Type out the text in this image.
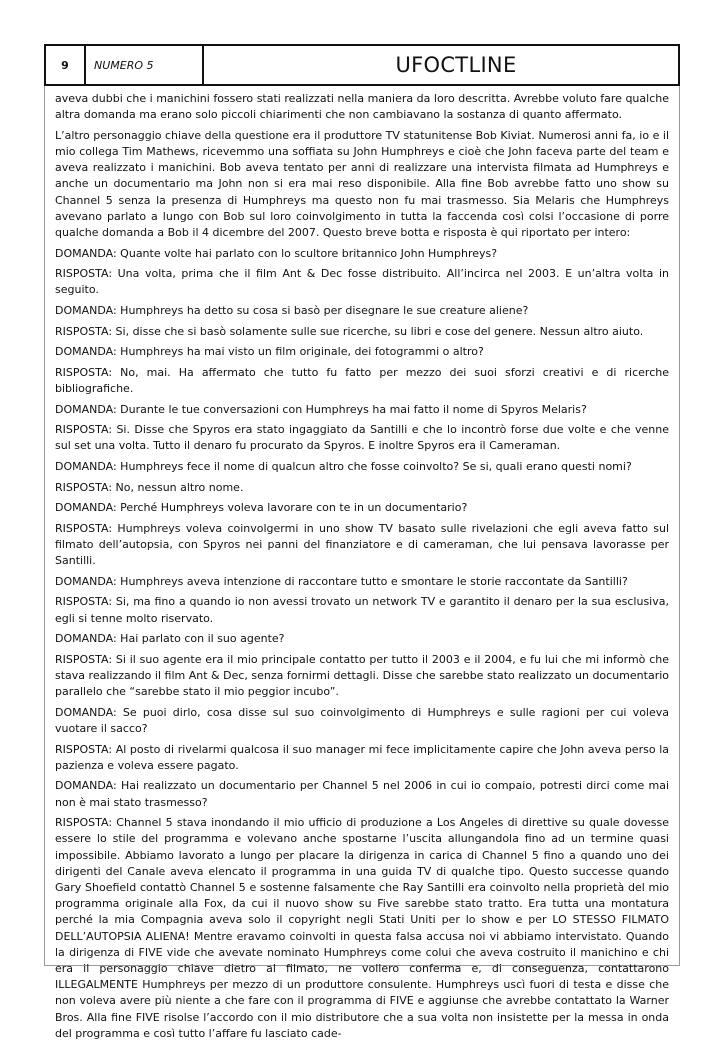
9	NUMERO 5	UFOCTLINE

aveva dubbi che i manichini fossero stati realizzati nella maniera da loro descritta. Avrebbe voluto fare qualche altra domanda ma erano solo piccoli chiarimenti che non cambiavano la sostanza di quanto affermato.

L’altro personaggio chiave della questione era il produttore TV statunitense Bob Kiviat. Numerosi anni fa, io e il mio collega Tim Mathews, ricevemmo una soffiata su John Humphreys e cioè che John faceva parte del team e aveva realizzato i manichini. Bob aveva tentato per anni di realizzare una intervista filmata ad Humphreys e anche un documentario ma John non si era mai reso disponibile. Alla fine Bob avrebbe fatto uno show su Channel 5 senza la presenza di Humphreys ma questo non fu mai trasmesso. Sia Melaris che Humphreys avevano parlato a lungo con Bob sul loro coinvolgimento in tutta la faccenda così colsi l’occasione di porre qualche domanda a Bob il 4 dicembre del 2007. Questo breve botta e risposta è qui riportato per intero:

DOMANDA: Quante volte hai parlato con lo scultore britannico John Humphreys?

RISPOSTA: Una volta, prima che il film Ant & Dec fosse distribuito. All’incirca nel 2003. E un’altra volta in seguito.

DOMANDA: Humphreys ha detto su cosa si basò per disegnare le sue creature aliene?

RISPOSTA: Si, disse che si basò solamente sulle sue ricerche, su libri e cose del genere. Nessun altro aiuto.

DOMANDA: Humphreys ha mai visto un film originale, dei fotogrammi o altro?

RISPOSTA: No, mai. Ha affermato che tutto fu fatto per mezzo dei suoi sforzi creativi e di ricerche bibliografiche.

DOMANDA: Durante le tue conversazioni con Humphreys ha mai fatto il nome di Spyros Melaris?

RISPOSTA: Si. Disse che Spyros era stato ingaggiato da Santilli e che lo incontrò forse due volte e che venne sul set una volta. Tutto il denaro fu procurato da Spyros. E inoltre Spyros era il Cameraman.

DOMANDA: Humphreys fece il nome di qualcun altro che fosse coinvolto? Se si, quali erano questi nomi?

RISPOSTA: No, nessun altro nome.

DOMANDA: Perché Humphreys voleva lavorare con te in un documentario?

RISPOSTA: Humphreys voleva coinvolgermi in uno show TV basato sulle rivelazioni che egli aveva fatto sul filmato dell’autopsia, con Spyros nei panni del finanziatore e di cameraman, che lui pensava lavorasse per Santilli.

DOMANDA: Humphreys aveva intenzione di raccontare tutto e smontare le storie raccontate da Santilli?

RISPOSTA: Si, ma fino a quando io non avessi trovato un network TV e garantito il denaro per la sua esclusiva, egli si tenne molto riservato.

DOMANDA: Hai parlato con il suo agente?

RISPOSTA: Si il suo agente era il mio principale contatto per tutto il 2003 e il 2004, e fu lui che mi informò che stava realizzando il film Ant & Dec, senza fornirmi dettagli. Disse che sarebbe stato realizzato un documentario parallelo che “sarebbe stato il mio peggior incubo”.

DOMANDA: Se puoi dirlo, cosa disse sul suo coinvolgimento di Humphreys e sulle ragioni per cui voleva vuotare il sacco?

RISPOSTA: Al posto di rivelarmi qualcosa il suo manager mi fece implicitamente capire che John aveva perso la pazienza e voleva essere pagato.

DOMANDA: Hai realizzato un documentario per Channel 5 nel 2006 in cui io compaio, potresti dirci come mai non è mai stato trasmesso?

RISPOSTA: Channel 5 stava inondando il mio ufficio di produzione a Los Angeles di direttive su quale dovesse essere lo stile del programma e volevano anche spostarne l’uscita allungandola fino ad un termine quasi impossibile. Abbiamo lavorato a lungo per placare la dirigenza in carica di Channel 5 fino a quando uno dei dirigenti del Canale aveva elencato il programma in una guida TV di qualche tipo. Questo successe quando Gary Shoefield contattò Channel 5 e sostenne falsamente che Ray Santilli era coinvolto nella proprietà del mio programma originale alla Fox, da cui il nuovo show su Five sarebbe stato tratto. Era tutta una montatura perché la mia Compagnia aveva solo il copyright negli Stati Uniti per lo show e per LO STESSO FILMATO DELL’AUTOPSIA ALIENA! Mentre eravamo coinvolti in questa falsa accusa noi vi abbiamo intervistato. Quando la dirigenza di FIVE vide che avevate nominato Humphreys come colui che aveva costruito il manichino e chi era il personaggio chiave dietro al filmato, ne vollero conferma e, di conseguenza, contattarono ILLEGALMENTE Humphreys per mezzo di un produttore consulente. Humphreys uscì fuori di testa e disse che non voleva avere più niente a che fare con il programma di FIVE e aggiunse che avrebbe contattato la Warner Bros. Alla fine FIVE risolse l’accordo con il mio distributore che a sua volta non insistette per la messa in onda del programma e così tutto l’affare fu lasciato cade-
